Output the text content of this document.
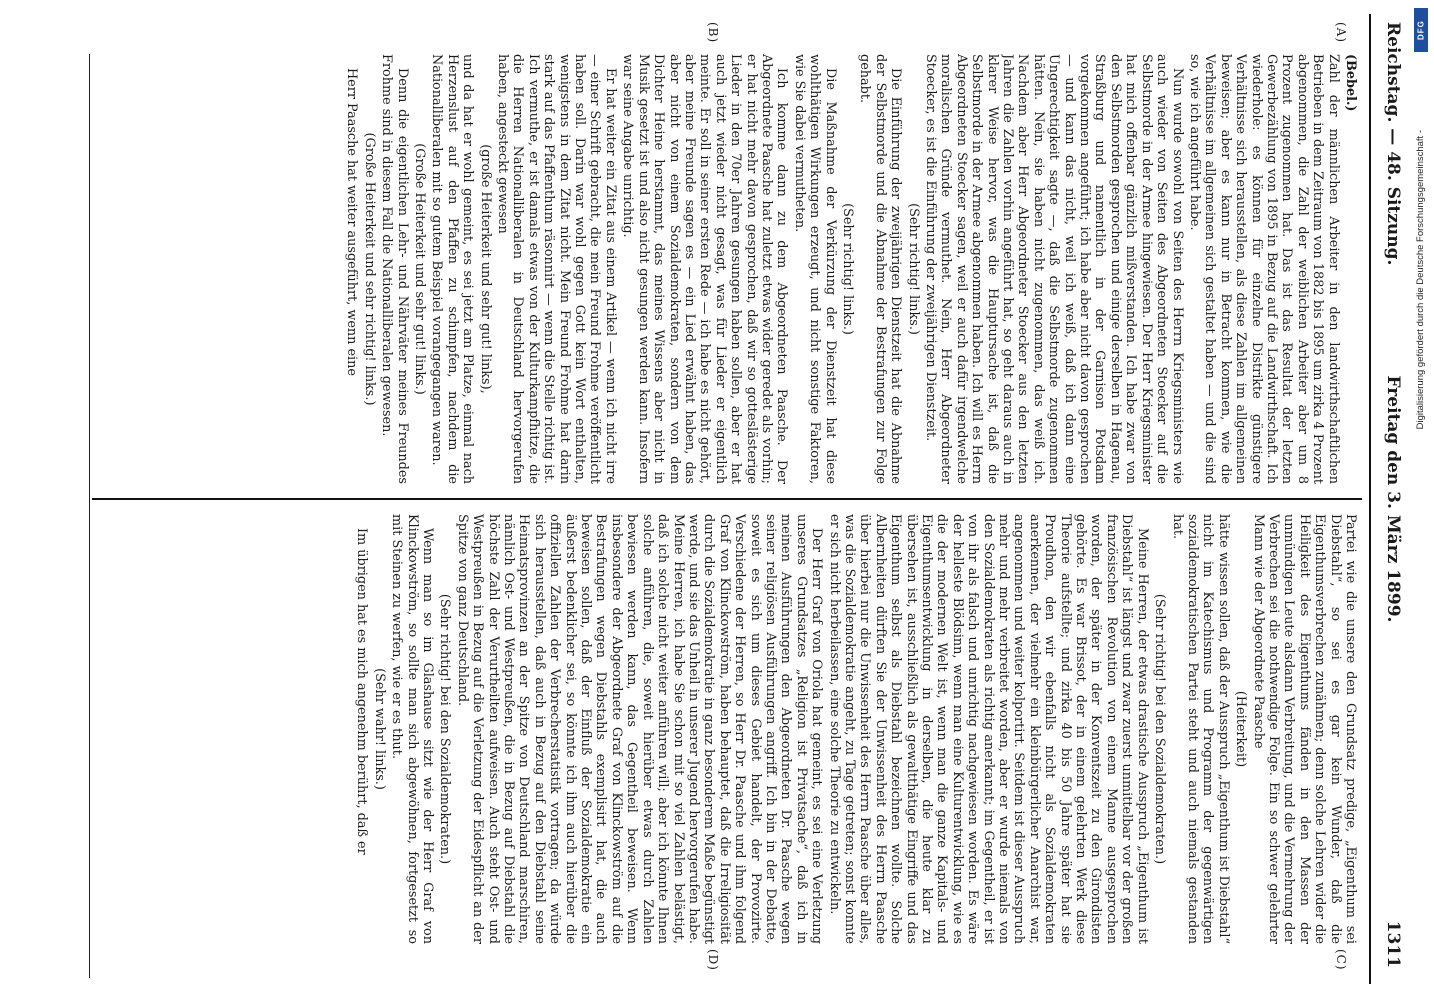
Reichstag. — 48. Sitzung.
Freitag den 3. März 1899.
1311
(A)
(B)
(C)
(D)

(Bebel.)

Zahl der männlichen Arbeiter in den landwirthschaftlichen Betrieben in dem Zeitraum von 1882 bis 1895 um zirka 4 Prozent abgenommen, die Zahl der weiblichen Arbeiter aber um 8 Prozent zugenommen hat. Das ist das Resultat der letzten Gewerbezählung von 1895 in Bezug auf die Landwirthschaft. Ich wiederhole: es können für einzelne Distrikte günstigere Verhältnisse sich herausstellen, als diese Zahlen im allgemeinen beweisen; aber es kann nur in Betracht kommen, wie die Verhältnisse im allgemeinen sich gestaltet haben — und die sind so, wie ich angeführt habe.

Nun wurde sowohl von Seiten des Herrn Kriegsministers wie auch wieder von Seiten des Abgeordneten Stoecker auf die Selbstmorde in der Armee hingewiesen. Der Herr Kriegsminister hat mich offenbar gänzlich mißverstanden. Ich habe zwar von den Selbstmorden gesprochen und einige derselben in Hagenau, Straßburg und namentlich in der Garnison Potsdam vorgekommen angeführt; ich habe aber nicht davon gesprochen — und kann das nicht, weil ich weiß, daß ich dann eine Ungerechtigkeit sagte —, daß die Selbstmorde zugenommen hätten. Nein, sie haben nicht zugenommen, das weiß ich. Nachdem aber Herr Abgeordneter Stoecker aus den letzten Jahren die Zahlen vorhin angeführt hat, so geht daraus auch in klarer Weise hervor, was die Hauptursache ist, daß die Selbstmorde in der Armee abgenommen haben. Ich will es Herrn Abgeordneten Stoecker sagen, weil er auch dafür irgendwelche moralischen Gründe vermuthet. Nein, Herr Abgeordneter Stoecker, es ist die Einführung der zweijährigen Dienstzeit.

(Sehr richtig! links.)

Die Einführung der zweijährigen Dienstzeit hat die Abnahme der Selbstmorde und die Abnahme der Bestrafungen zur Folge gehabt.

(Sehr richtig! links.)

Die Maßnahme der Verkürzung der Dienstzeit hat diese wohlthätigen Wirkungen erzeugt, und nicht sonstige Faktoren, wie Sie dabei vermutheten.

Ich komme dann zu dem Abgeordneten Paasche. Der Abgeordnete Paasche hat zuletzt etwas wider geredet als vorhin; er hat nicht mehr davon gesprochen, daß wir so gotteslästerige Lieder in den 70er Jahren gesungen haben sollen, aber er hat auch jetzt wieder nicht gesagt, was für Lieder er eigentlich meinte. Er soll in seiner ersten Rede — ich habe es nicht gehört, aber meine Freunde sagen es — ein Lied erwähnt haben, das aber nicht von einem Sozialdemokraten, sondern von dem Dichter Heine herstammt, das meines Wissens aber nicht in Musik gesetzt ist und also nicht gesungen werden kann. Insofern war seine Angabe unrichtig.

Er hat weiter ein Zitat aus einem Artikel — wenn ich nicht irre — einer Schrift gebracht, die mein Freund Frohme veröffentlicht haben soll. Darin war wohl gegen Gott kein Wort enthalten, wenigstens in dem Zitat nicht. Mein Freund Frohme hat darin stark auf das Pfaffenthum räsonnirt — wenn die Stelle richtig ist. Ich vermuthe, er ist damals etwas von der Kulturkampfhitze, die die Herren Nationalliberalen in Deutschland hervorgerufen haben, angesteckt gewesen

(große Heiterkeit und sehr gut! links),

und da hat er wohl gemeint, es sei jetzt am Platze, einmal nach Herzenslust auf den Pfaffen zu schimpfen, nachdem die Nationalliberalen mit so gutem Beispiel vorangegangen waren.

(Große Heiterkeit und sehr gut! links.)

Denn die eigentlichen Lehr- und Nährväter meines Freundes Frohme sind in diesem Fall die Nationalliberalen gewesen.

(Große Heiterkeit und sehr richtig! links.)

Herr Paasche hat weiter ausgeführt, wenn eine

Partei wie die unsere den Grundsatz predige, „Eigenthum sei Diebstahl“, so sei es gar kein Wunder, daß die Eigenthumsverbrechen zunähmen; denn solche Lehren wider die Heiligkeit des Eigenthums fänden in den Massen der unmündigen Leute alsdann Verbreitung, und die Vermehrung der Verbrechen sei die nothwendige Folge. Ein so schwer gelehrter Mann wie der Abgeordnete Paasche

(Heiterkeit)

hätte wissen sollen, daß der Ausspruch „Eigenthum ist Diebstahl“ nicht im Katechismus und Programm der gegenwärtigen sozialdemokratischen Partei steht und auch niemals gestanden hat.

(Sehr richtig! bei den Sozialdemokraten.)

Meine Herren, der etwas drastische Ausspruch „Eigenthum ist Diebstahl“ ist längst und zwar zuerst unmittelbar vor der großen französischen Revolution von einem Manne ausgesprochen worden, der später in der Konventszeit zu den Girondisten gehörte. Es war Brissot, der in einem gelehrten Werk diese Theorie aufstellte; und zirka 40 bis 50 Jahre später hat sie Proudhon, den wir ebenfalls nicht als Sozialdemokraten anerkennen, der vielmehr ein kleinbürgerlicher Anarchist war, angenommen und weiter kolportirt. Seitdem ist dieser Ausspruch mehr und mehr verbreitet worden, aber er wurde niemals von den Sozialdemokraten als richtig anerkannt; im Gegentheil, er ist von ihr als falsch und unrichtig nachgewiesen worden. Es wäre der helleste Blödsinn, wenn man eine Kulturentwicklung, wie es die der modernen Welt ist, wenn man die ganze Kapitals- und Eigenthumsentwicklung in derselben, die heute klar zu übersehen ist, ausschließlich als gewaltthätige Eingriffe und das Eigenthum selbst als Diebstahl bezeichnen wollte. Solche Albernheiten dürften Sie der Unwissenheit des Herrn Paasche über hierbei nur die Unwissenheit des Herrn Paasche über alles, was die Sozialdemokratie angeht, zu Tage getreten; sonst konnte er sich nicht herbeilassen, eine solche Theorie zu entwickeln.

Der Herr Graf von Oriola hat gemeint, es sei eine Verletzung unseres Grundsatzes „Religion ist Privatsache“, daß ich in meinen Ausführungen den Abgeordneten Dr. Paasche wegen seiner religiösen Ausführungen angriff. Ich bin in der Debatte, soweit es sich um dieses Gebiet handelt, der Provozirte. Verschiedene der Herren, so Herr Dr. Paasche und ihm folgend Graf von Klinckowström, haben behauptet, daß die Irreligiosität durch die Sozialdemokratie in ganz besonderem Maße begünstigt werde, und sie das Unheil in unserer Jugend hervorgerufen habe. Meine Herren, ich habe Sie schon mit so viel Zahlen belästigt, daß ich solche nicht weiter anführen will; aber ich könnte Ihnen solche anführen, die, soweit hierüber etwas durch Zahlen bewiesen werden kann, das Gegentheil beweisen. Wenn insbesondere der Abgeordnete Graf von Klinckowström auf die Bestrafungen wegen Diebstahls exemplisirt hat, die auch beweisen sollen, daß der Einfluß der Sozialdemokratie ein äußerst bedenklicher sei, so könnte ich ihm auch hierüber die offiziellen Zahlen der Verbrecherstatistik vortragen; da würde sich herausstellen, daß auch in Bezug auf den Diebstahl seine Heimatsprovinzen an der Spitze von Deutschland marschiren, nämlich Ost- und Westpreußen, die in Bezug auf Diebstahl die höchste Zahl der Verurtheilten aufweisen. Auch steht Ost- und Westpreußen in Bezug auf die Verletzung der Eidespflicht an der Spitze von ganz Deutschland.

(Sehr richtig! bei den Sozialdemokraten.)

Wenn man so im Glashause sitzt wie der Herr Graf von Klinckowström, so sollte man sich abgewöhnen, fortgesetzt so mit Steinen zu werfen, wie er es thut.

(Sehr wahr! links.)

Im übrigen hat es mich angenehm berührt, daß er

DFG
Digitalisierung gefördert durch die Deutsche Forschungsgemeinschaft -
